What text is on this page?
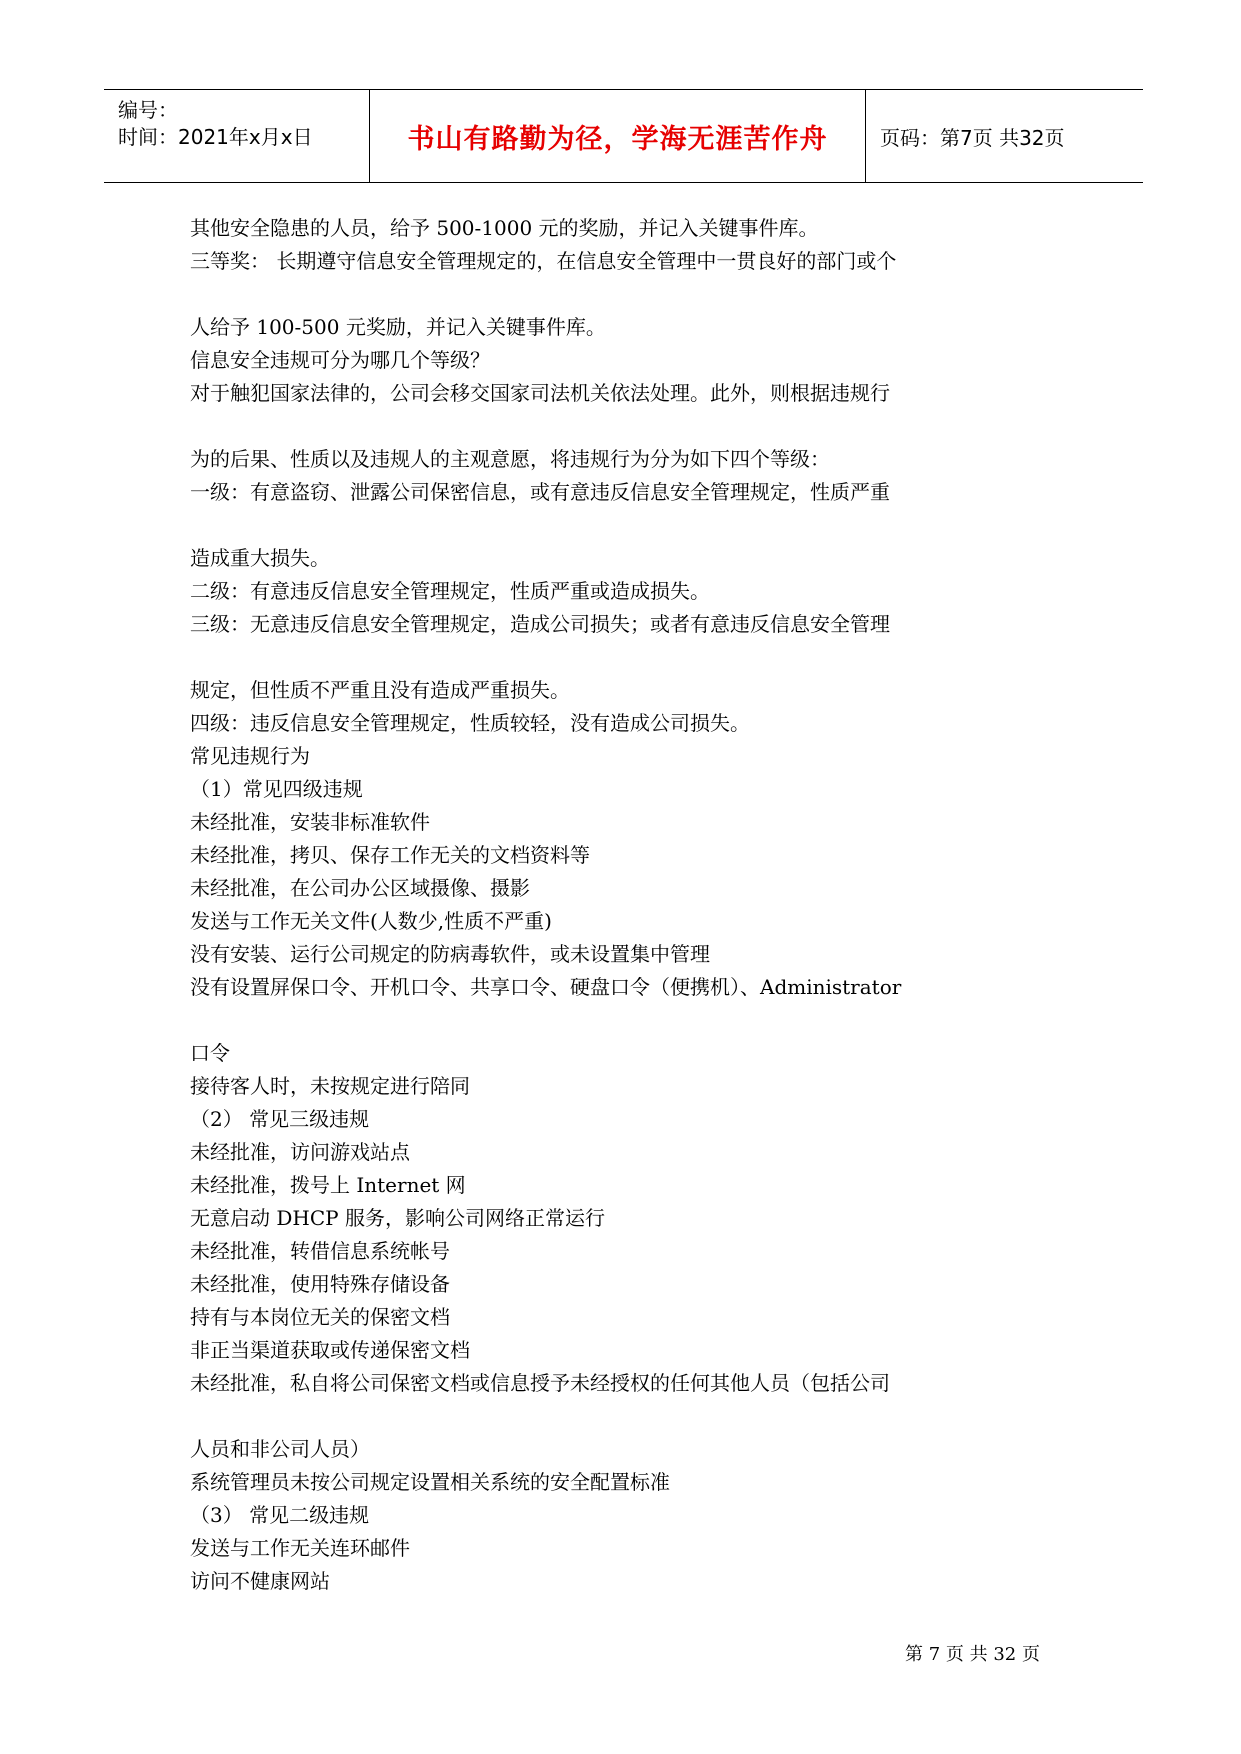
编号：
时间：2021年x月x日	书山有路勤为径，学海无涯苦作舟	页码：第7页 共32页
其他安全隐患的人员，给予 500-1000 元的奖励，并记入关键事件库。
三等奖： 长期遵守信息安全管理规定的，在信息安全管理中一贯良好的部门或个
人给予 100-500 元奖励，并记入关键事件库。
信息安全违规可分为哪几个等级？
对于触犯国家法律的，公司会移交国家司法机关依法处理。此外，则根据违规行
为的后果、性质以及违规人的主观意愿，将违规行为分为如下四个等级：
一级：有意盗窃、泄露公司保密信息，或有意违反信息安全管理规定，性质严重
造成重大损失。
二级：有意违反信息安全管理规定，性质严重或造成损失。
三级：无意违反信息安全管理规定，造成公司损失；或者有意违反信息安全管理
规定，但性质不严重且没有造成严重损失。
四级：违反信息安全管理规定，性质较轻，没有造成公司损失。
常见违规行为
（1）常见四级违规
未经批准，安装非标准软件
未经批准，拷贝、保存工作无关的文档资料等
未经批准，在公司办公区域摄像、摄影
发送与工作无关文件(人数少,性质不严重)
没有安装、运行公司规定的防病毒软件，或未设置集中管理
没有设置屏保口令、开机口令、共享口令、硬盘口令（便携机）、Administrator
口令
接待客人时，未按规定进行陪同
（2） 常见三级违规
未经批准，访问游戏站点
未经批准，拨号上 Internet 网
无意启动 DHCP 服务，影响公司网络正常运行
未经批准，转借信息系统帐号
未经批准，使用特殊存储设备
持有与本岗位无关的保密文档
非正当渠道获取或传递保密文档
未经批准，私自将公司保密文档或信息授予未经授权的任何其他人员（包括公司
人员和非公司人员）
系统管理员未按公司规定设置相关系统的安全配置标准
（3） 常见二级违规
发送与工作无关连环邮件
访问不健康网站
第 7 页 共 32 页
